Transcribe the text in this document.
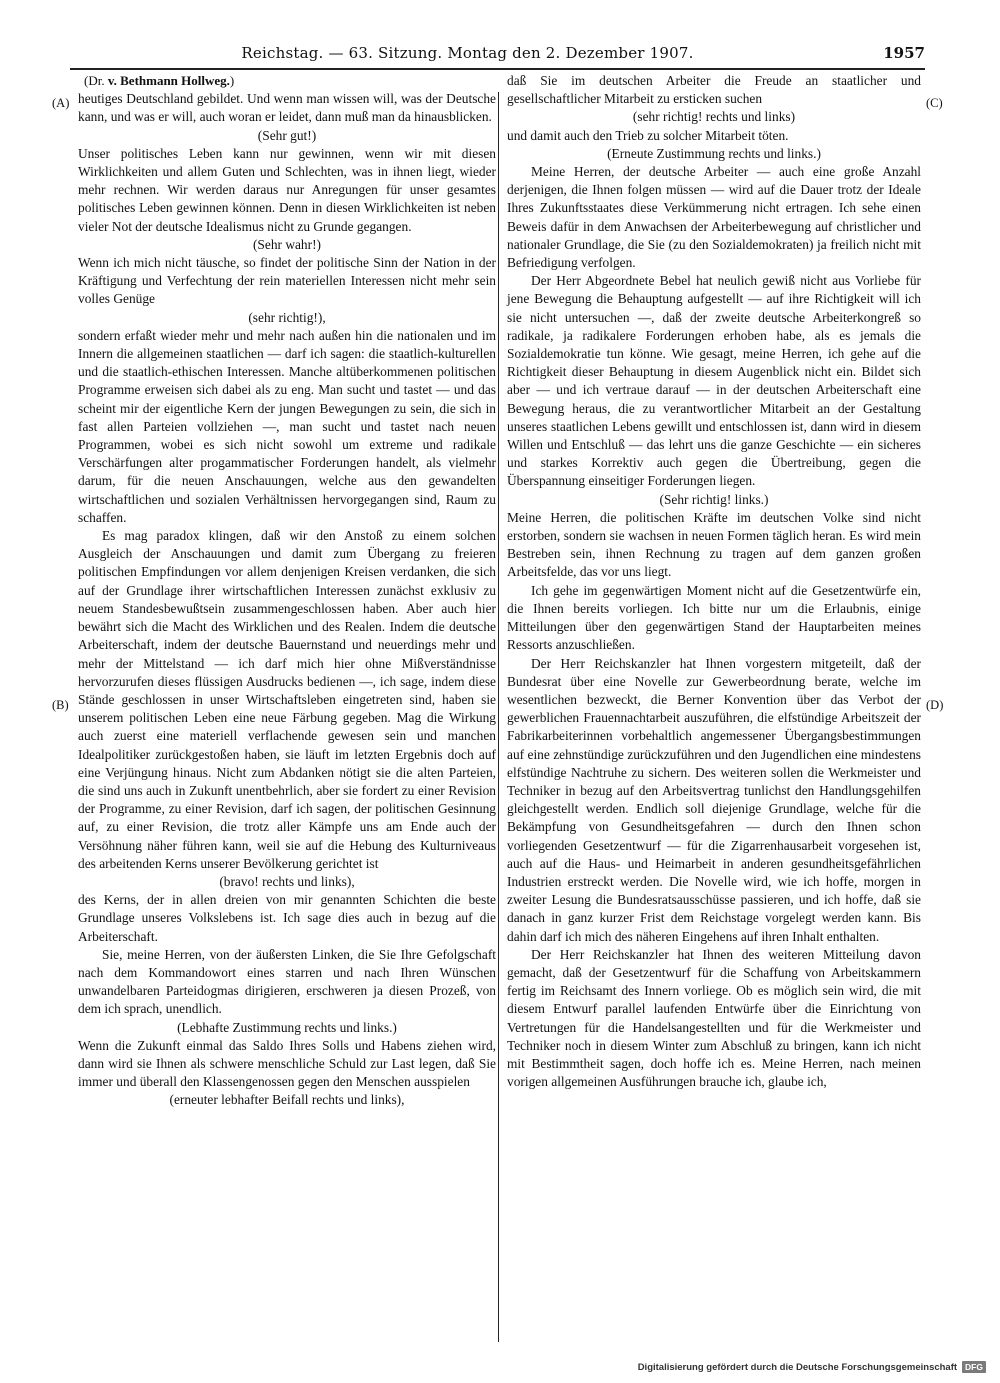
Reichstag. — 63. Sitzung. Montag den 2. Dezember 1907.	1957
(A)
(B)
(C)
(D)

(Dr. v. Bethmann Hollweg.)

heutiges Deutschland gebildet. Und wenn man wissen will, was der Deutsche kann, und was er will, auch woran er leidet, dann muß man da hinausblicken.

(Sehr gut!)

Unser politisches Leben kann nur gewinnen, wenn wir mit diesen Wirklichkeiten und allem Guten und Schlechten, was in ihnen liegt, wieder mehr rechnen. Wir werden daraus nur Anregungen für unser gesamtes politisches Leben gewinnen können. Denn in diesen Wirklichkeiten ist neben vieler Not der deutsche Idealismus nicht zu Grunde gegangen.

(Sehr wahr!)

Wenn ich mich nicht täusche, so findet der politische Sinn der Nation in der Kräftigung und Verfechtung der rein materiellen Interessen nicht mehr sein volles Genüge

(sehr richtig!),

sondern erfaßt wieder mehr und mehr nach außen hin die nationalen und im Innern die allgemeinen staatlichen — darf ich sagen: die staatlich-kulturellen und die staatlich-ethischen Interessen. Manche altüberkommenen politischen Programme erweisen sich dabei als zu eng. Man sucht und tastet — und das scheint mir der eigentliche Kern der jungen Bewegungen zu sein, die sich in fast allen Parteien vollziehen —, man sucht und tastet nach neuen Programmen, wobei es sich nicht sowohl um extreme und radikale Verschärfungen alter progammatischer Forderungen handelt, als vielmehr darum, für die neuen Anschauungen, welche aus den gewandelten wirtschaftlichen und sozialen Verhältnissen hervorgegangen sind, Raum zu schaffen.

Es mag paradox klingen, daß wir den Anstoß zu einem solchen Ausgleich der Anschauungen und damit zum Übergang zu freieren politischen Empfindungen vor allem denjenigen Kreisen verdanken, die sich auf der Grundlage ihrer wirtschaftlichen Interessen zunächst exklusiv zu neuem Standesbewußtsein zusammengeschlossen haben. Aber auch hier bewährt sich die Macht des Wirklichen und des Realen. Indem die deutsche Arbeiterschaft, indem der deutsche Bauernstand und neuerdings mehr und mehr der Mittelstand — ich darf mich hier ohne Mißverständnisse hervorzurufen dieses flüssigen Ausdrucks bedienen —, ich sage, indem diese Stände geschlossen in unser Wirtschaftsleben eingetreten sind, haben sie unserem politischen Leben eine neue Färbung gegeben. Mag die Wirkung auch zuerst eine materiell verflachende gewesen sein und manchen Idealpolitiker zurückgestoßen haben, sie läuft im letzten Ergebnis doch auf eine Verjüngung hinaus. Nicht zum Abdanken nötigt sie die alten Parteien, die sind uns auch in Zukunft unentbehrlich, aber sie fordert zu einer Revision der Programme, zu einer Revision, darf ich sagen, der politischen Gesinnung auf, zu einer Revision, die trotz aller Kämpfe uns am Ende auch der Versöhnung näher führen kann, weil sie auf die Hebung des Kulturniveaus des arbeitenden Kerns unserer Bevölkerung gerichtet ist

(bravo! rechts und links),

des Kerns, der in allen dreien von mir genannten Schichten die beste Grundlage unseres Volkslebens ist. Ich sage dies auch in bezug auf die Arbeiterschaft.

Sie, meine Herren, von der äußersten Linken, die Sie Ihre Gefolgschaft nach dem Kommandowort eines starren und nach Ihren Wünschen unwandelbaren Parteidogmas dirigieren, erschweren ja diesen Prozeß, von dem ich sprach, unendlich.

(Lebhafte Zustimmung rechts und links.)

Wenn die Zukunft einmal das Saldo Ihres Solls und Habens ziehen wird, dann wird sie Ihnen als schwere menschliche Schuld zur Last legen, daß Sie immer und überall den Klassengenossen gegen den Menschen ausspielen

(erneuter lebhafter Beifall rechts und links),

daß Sie im deutschen Arbeiter die Freude an staatlicher und gesellschaftlicher Mitarbeit zu ersticken suchen

(sehr richtig! rechts und links)

und damit auch den Trieb zu solcher Mitarbeit töten.

(Erneute Zustimmung rechts und links.)

Meine Herren, der deutsche Arbeiter — auch eine große Anzahl derjenigen, die Ihnen folgen müssen — wird auf die Dauer trotz der Ideale Ihres Zukunftsstaates diese Verkümmerung nicht ertragen. Ich sehe einen Beweis dafür in dem Anwachsen der Arbeiterbewegung auf christlicher und nationaler Grundlage, die Sie (zu den Sozialdemokraten) ja freilich nicht mit Befriedigung verfolgen.

Der Herr Abgeordnete Bebel hat neulich gewiß nicht aus Vorliebe für jene Bewegung die Behauptung aufgestellt — auf ihre Richtigkeit will ich sie nicht untersuchen —, daß der zweite deutsche Arbeiterkongreß so radikale, ja radikalere Forderungen erhoben habe, als es jemals die Sozialdemokratie tun könne. Wie gesagt, meine Herren, ich gehe auf die Richtigkeit dieser Behauptung in diesem Augenblick nicht ein. Bildet sich aber — und ich vertraue darauf — in der deutschen Arbeiterschaft eine Bewegung heraus, die zu verantwortlicher Mitarbeit an der Gestaltung unseres staatlichen Lebens gewillt und entschlossen ist, dann wird in diesem Willen und Entschluß — das lehrt uns die ganze Geschichte — ein sicheres und starkes Korrektiv auch gegen die Übertreibung, gegen die Überspannung einseitiger Forderungen liegen.

(Sehr richtig! links.)

Meine Herren, die politischen Kräfte im deutschen Volke sind nicht erstorben, sondern sie wachsen in neuen Formen täglich heran. Es wird mein Bestreben sein, ihnen Rechnung zu tragen auf dem ganzen großen Arbeitsfelde, das vor uns liegt.

Ich gehe im gegenwärtigen Moment nicht auf die Gesetzentwürfe ein, die Ihnen bereits vorliegen. Ich bitte nur um die Erlaubnis, einige Mitteilungen über den gegenwärtigen Stand der Hauptarbeiten meines Ressorts anzuschließen.

Der Herr Reichskanzler hat Ihnen vorgestern mitgeteilt, daß der Bundesrat über eine Novelle zur Gewerbeordnung berate, welche im wesentlichen bezweckt, die Berner Konvention über das Verbot der gewerblichen Frauennachtarbeit auszuführen, die elfstündige Arbeitszeit der Fabrikarbeiterinnen vorbehaltlich angemessener Übergangsbestimmungen auf eine zehnstündige zurückzuführen und den Jugendlichen eine mindestens elfstündige Nachtruhe zu sichern. Des weiteren sollen die Werkmeister und Techniker in bezug auf den Arbeitsvertrag tunlichst den Handlungsgehilfen gleichgestellt werden. Endlich soll diejenige Grundlage, welche für die Bekämpfung von Gesundheitsgefahren — durch den Ihnen schon vorliegenden Gesetzentwurf — für die Zigarrenhausarbeit vorgesehen ist, auch auf die Haus- und Heimarbeit in anderen gesundheitsgefährlichen Industrien erstreckt werden. Die Novelle wird, wie ich hoffe, morgen in zweiter Lesung die Bundesratsausschüsse passieren, und ich hoffe, daß sie danach in ganz kurzer Frist dem Reichstage vorgelegt werden kann. Bis dahin darf ich mich des näheren Eingehens auf ihren Inhalt enthalten.

Der Herr Reichskanzler hat Ihnen des weiteren Mitteilung davon gemacht, daß der Gesetzentwurf für die Schaffung von Arbeitskammern fertig im Reichsamt des Innern vorliege. Ob es möglich sein wird, die mit diesem Entwurf parallel laufenden Entwürfe über die Einrichtung von Vertretungen für die Handelsangestellten und für die Werkmeister und Techniker noch in diesem Winter zum Abschluß zu bringen, kann ich nicht mit Bestimmtheit sagen, doch hoffe ich es. Meine Herren, nach meinen vorigen allgemeinen Ausführungen brauche ich, glaube ich,

Digitalisierung gefördert durch die Deutsche Forschungsgemeinschaft DFG
